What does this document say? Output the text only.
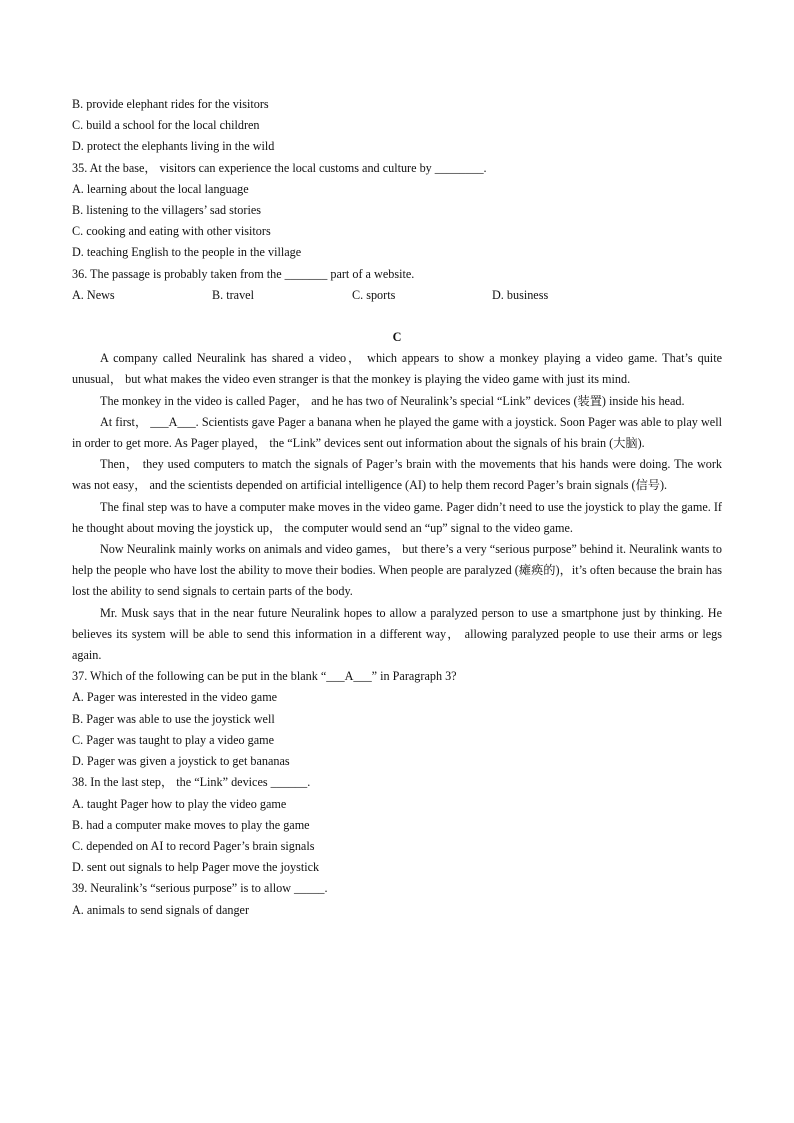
B. provide elephant rides for the visitors
C. build a school for the local children
D. protect the elephants living in the wild
35. At the base， visitors can experience the local customs and culture by ________.
A. learning about the local language
B. listening to the villagers’ sad stories
C. cooking and eating with other visitors
D. teaching English to the people in the village
36. The passage is probably taken from the _______ part of a website.
A. News	B. travel	C. sports	D. business
C
A company called Neuralink has shared a video， which appears to show a monkey playing a video game. That’s quite unusual， but what makes the video even stranger is that the monkey is playing the video game with just its mind.
The monkey in the video is called Pager， and he has two of Neuralink’s special “Link” devices (装置) inside his head.
At first， ___A___. Scientists gave Pager a banana when he played the game with a joystick. Soon Pager was able to play well in order to get more. As Pager played， the “Link” devices sent out information about the signals of his brain (大脑).
Then， they used computers to match the signals of Pager’s brain with the movements that his hands were doing. The work was not easy， and the scientists depended on artificial intelligence (AI) to help them record Pager’s brain signals (信号).
The final step was to have a computer make moves in the video game. Pager didn’t need to use the joystick to play the game. If he thought about moving the joystick up， the computer would send an “up” signal to the video game.
Now Neuralink mainly works on animals and video games， but there’s a very “serious purpose” behind it. Neuralink wants to help the people who have lost the ability to move their bodies. When people are paralyzed (瘫痪的)，it’s often because the brain has lost the ability to send signals to certain parts of the body.
Mr. Musk says that in the near future Neuralink hopes to allow a paralyzed person to use a smartphone just by thinking. He believes its system will be able to send this information in a different way， allowing paralyzed people to use their arms or legs again.
37. Which of the following can be put in the blank “___A___” in Paragraph 3?
A. Pager was interested in the video game
B. Pager was able to use the joystick well
C. Pager was taught to play a video game
D. Pager was given a joystick to get bananas
38. In the last step， the “Link” devices ______.
A. taught Pager how to play the video game
B. had a computer make moves to play the game
C. depended on AI to record Pager’s brain signals
D. sent out signals to help Pager move the joystick
39. Neuralink’s “serious purpose” is to allow _____.
A. animals to send signals of danger
